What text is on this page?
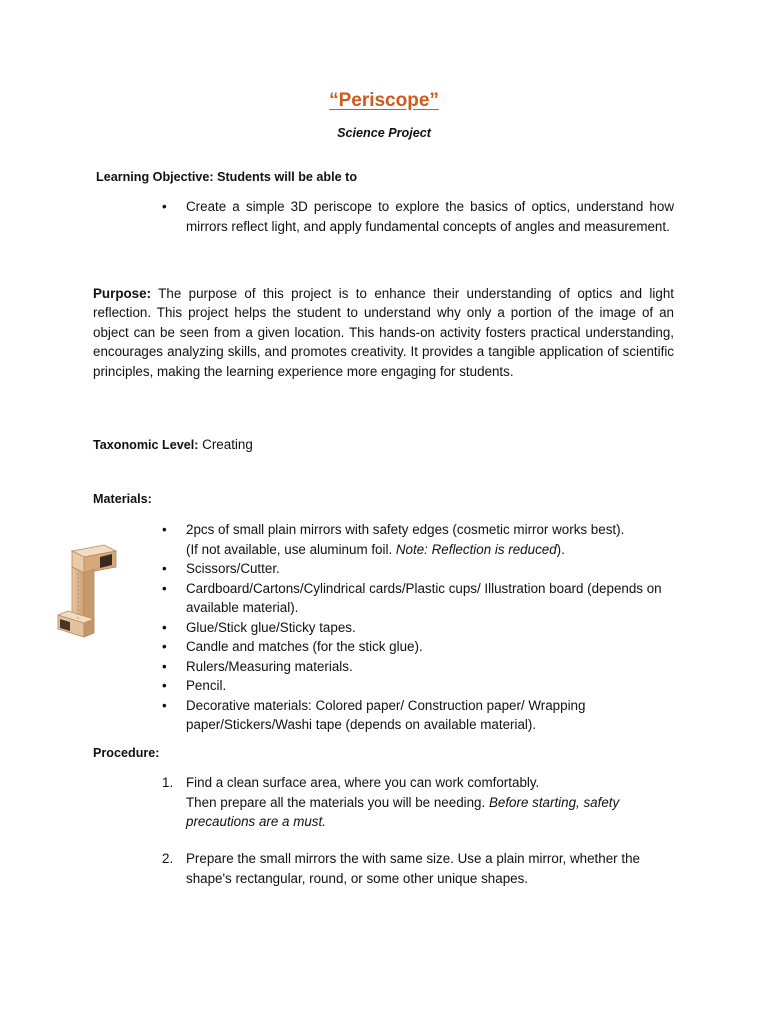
“Periscope”
Science Project
Learning Objective: Students will be able to
•	Create a simple 3D periscope to explore the basics of optics, understand how mirrors reflect light, and apply fundamental concepts of angles and measurement.
Purpose: The purpose of this project is to enhance their understanding of optics and light reflection. This project helps the student to understand why only a portion of the image of an object can be seen from a given location. This hands-on activity fosters practical understanding, encourages analyzing skills, and promotes creativity. It provides a tangible application of scientific principles, making the learning experience more engaging for students.
Taxonomic Level: Creating
Materials:
•	2pcs of small plain mirrors with safety edges (cosmetic mirror works best).
(If not available, use aluminum foil. Note: Reflection is reduced).
•	Scissors/Cutter.
•	Cardboard/Cartons/Cylindrical cards/Plastic cups/ Illustration board (depends on available material).
•	Glue/Stick glue/Sticky tapes.
•	Candle and matches (for the stick glue).
•	Rulers/Measuring materials.
•	Pencil.
•	Decorative materials: Colored paper/ Construction paper/ Wrapping paper/Stickers/Washi tape (depends on available material).
Procedure:
1. Find a clean surface area, where you can work comfortably.
Then prepare all the materials you will be needing. Before starting, safety precautions are a must.
2. Prepare the small mirrors the with same size. Use a plain mirror, whether the shape's rectangular, round, or some other unique shapes.
